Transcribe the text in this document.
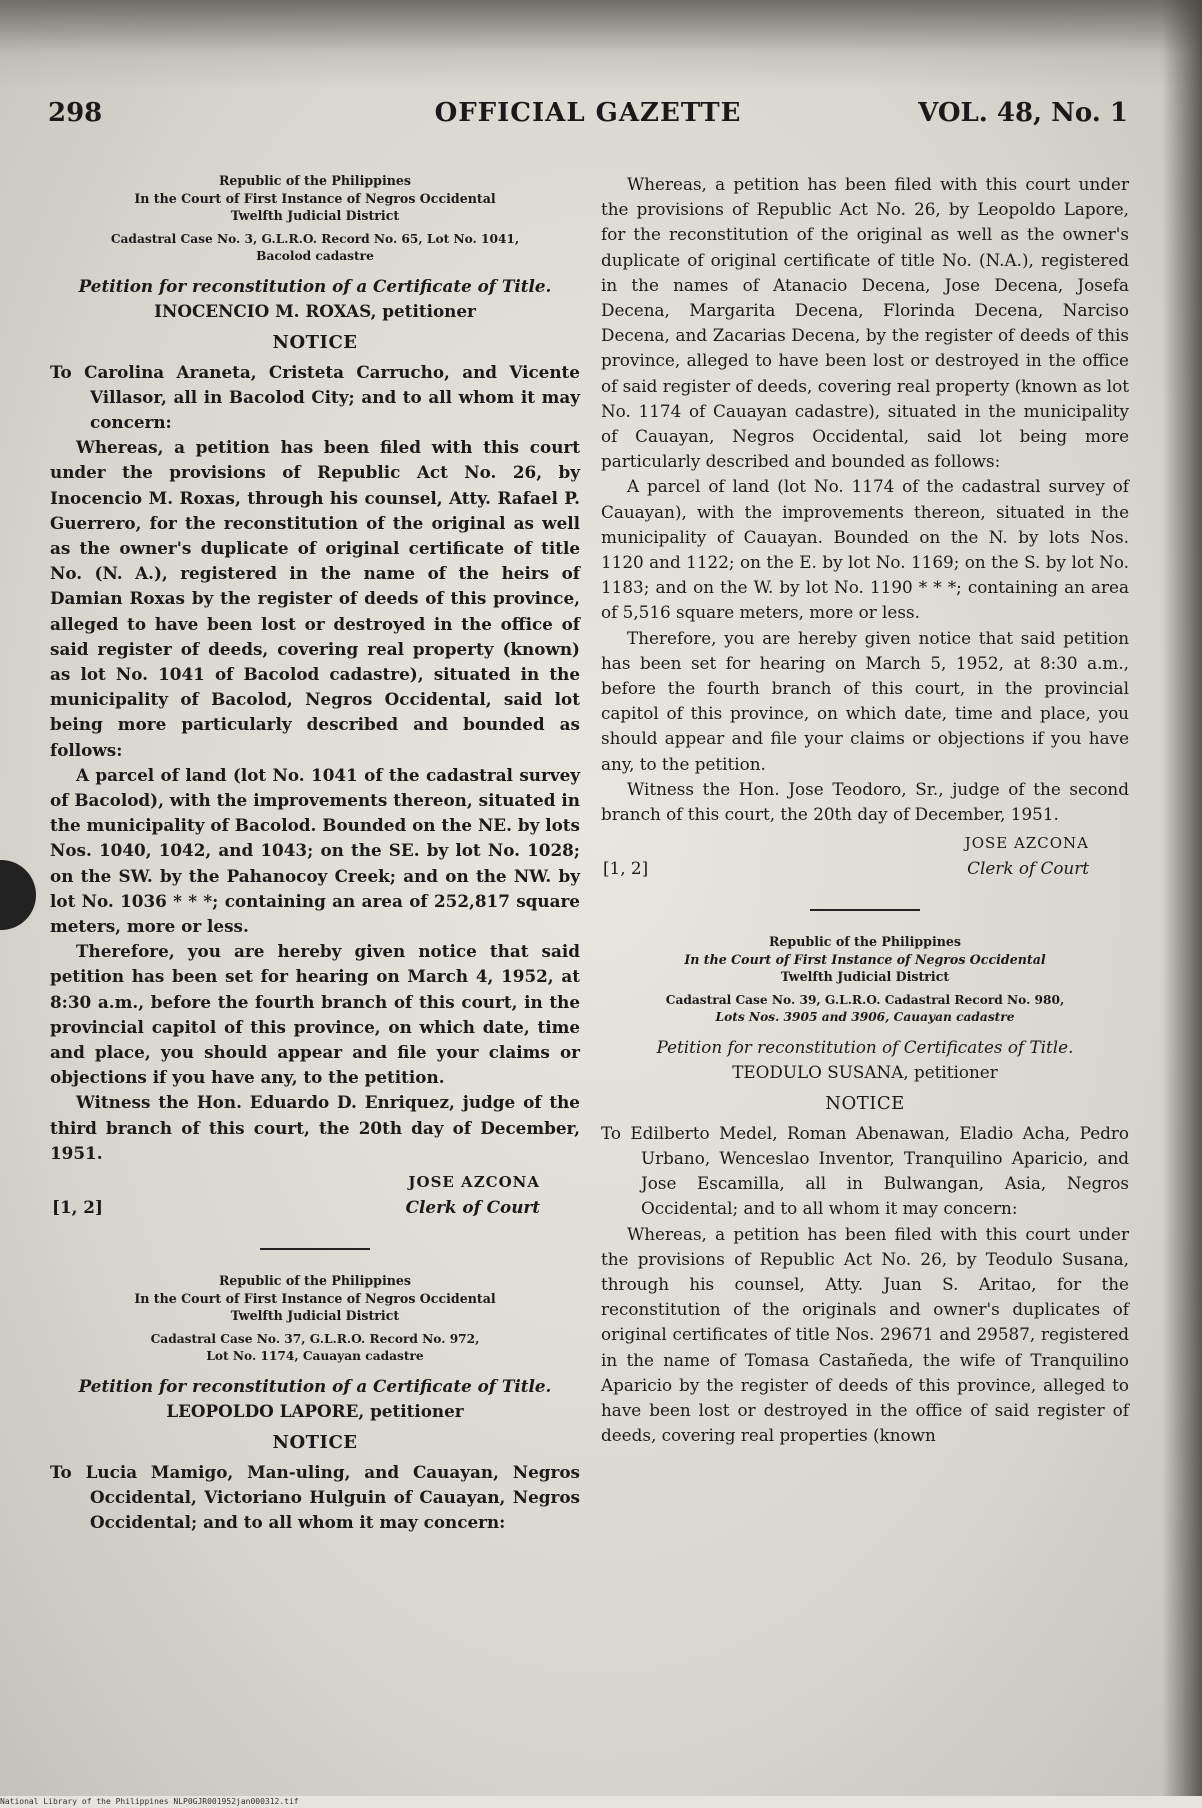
OFFICIAL GAZETTE
298	VOL. 48, No. 1
Republic of the Philippines
In the Court of First Instance of Negros Occidental
Twelfth Judicial District
Cadastral Case No. 3, G.L.R.O. Record No. 65, Lot No. 1041,
Bacolod cadastre
Petition for reconstitution of a Certificate of Title.
INOCENCIO M. ROXAS, petitioner
NOTICE
To Carolina Araneta, Cristeta Carrucho, and Vicente Villasor, all in Bacolod City; and to all whom it may concern:

Whereas, a petition has been filed with this court under the provisions of Republic Act No. 26, by Inocencio M. Roxas, through his counsel, Atty. Rafael P. Guerrero, for the reconstitution of the original as well as the owner's duplicate of original certificate of title No. (N. A.), registered in the name of the heirs of Damian Roxas by the register of deeds of this province, alleged to have been lost or destroyed in the office of said register of deeds, covering real property (known) as lot No. 1041 of Bacolod cadastre), situated in the municipality of Bacolod, Negros Occidental, said lot being more particularly described and bounded as follows:

A parcel of land (lot No. 1041 of the cadastral survey of Bacolod), with the improvements thereon, situated in the municipality of Bacolod. Bounded on the NE. by lots Nos. 1040, 1042, and 1043; on the SE. by lot No. 1028; on the SW. by the Pahanocoy Creek; and on the NW. by lot No. 1036 * * *; containing an area of 252,817 square meters, more or less.

Therefore, you are hereby given notice that said petition has been set for hearing on March 4, 1952, at 8:30 a.m., before the fourth branch of this court, in the provincial capitol of this province, on which date, time and place, you should appear and file your claims or objections if you have any, to the petition.

Witness the Hon. Eduardo D. Enriquez, judge of the third branch of this court, the 20th day of December, 1951.

JOSE AZCONA
[1, 2]	Clerk of Court
Republic of the Philippines
In the Court of First Instance of Negros Occidental
Twelfth Judicial District
Cadastral Case No. 37, G.L.R.O. Record No. 972,
Lot No. 1174, Cauayan cadastre
Petition for reconstitution of a Certificate of Title.
LEOPOLDO LAPORE, petitioner
NOTICE
To Lucia Mamigo, Man-uling, and Cauayan, Negros Occidental, Victoriano Hulguin of Cauayan, Negros Occidental; and to all whom it may concern:

Whereas, a petition has been filed with this court under the provisions of Republic Act No. 26, by Leopoldo Lapore, for the reconstitution of the original as well as the owner's duplicate of original certificate of title No. (N.A.), registered in the names of Atanacio Decena, Jose Decena, Josefa Decena, Margarita Decena, Florinda Decena, Narciso Decena, and Zacarias Decena, by the register of deeds of this province, alleged to have been lost or destroyed in the office of said register of deeds, covering real property (known as lot No. 1174 of Cauayan cadastre), situated in the municipality of Cauayan, Negros Occidental, said lot being more particularly described and bounded as follows:

A parcel of land (lot No. 1174 of the cadastral survey of Cauayan), with the improvements thereon, situated in the municipality of Cauayan. Bounded on the N. by lots Nos. 1120 and 1122; on the E. by lot No. 1169; on the S. by lot No. 1183; and on the W. by lot No. 1190 * * *; containing an area of 5,516 square meters, more or less.

Therefore, you are hereby given notice that said petition has been set for hearing on March 5, 1952, at 8:30 a.m., before the fourth branch of this court, in the provincial capitol of this province, on which date, time and place, you should appear and file your claims or objections if you have any, to the petition.

Witness the Hon. Jose Teodoro, Sr., judge of the second branch of this court, the 20th day of December, 1951.

JOSE AZCONA
[1, 2]	Clerk of Court
Republic of the Philippines
In the Court of First Instance of Negros Occidental
Twelfth Judicial District
Cadastral Case No. 39, G.L.R.O. Cadastral Record No. 980,
Lots Nos. 3905 and 3906, Cauayan cadastre
Petition for reconstitution of Certificates of Title.
TEODULO SUSANA, petitioner
NOTICE
To Edilberto Medel, Roman Abenawan, Eladio Acha, Pedro Urbano, Wenceslao Inventor, Tranquilino Aparicio, and Jose Escamilla, all in Bulwangan, Asia, Negros Occidental; and to all whom it may concern:

Whereas, a petition has been filed with this court under the provisions of Republic Act No. 26, by Teodulo Susana, through his counsel, Atty. Juan S. Aritao, for the reconstitution of the originals and owner's duplicates of original certificates of title Nos. 29671 and 29587, registered in the name of Tomasa Castañeda, the wife of Tranquilino Aparicio by the register of deeds of this province, alleged to have been lost or destroyed in the office of said register of deeds, covering real properties (known

National Library of the Philippines NLP0GJR001952jan000312.tif
